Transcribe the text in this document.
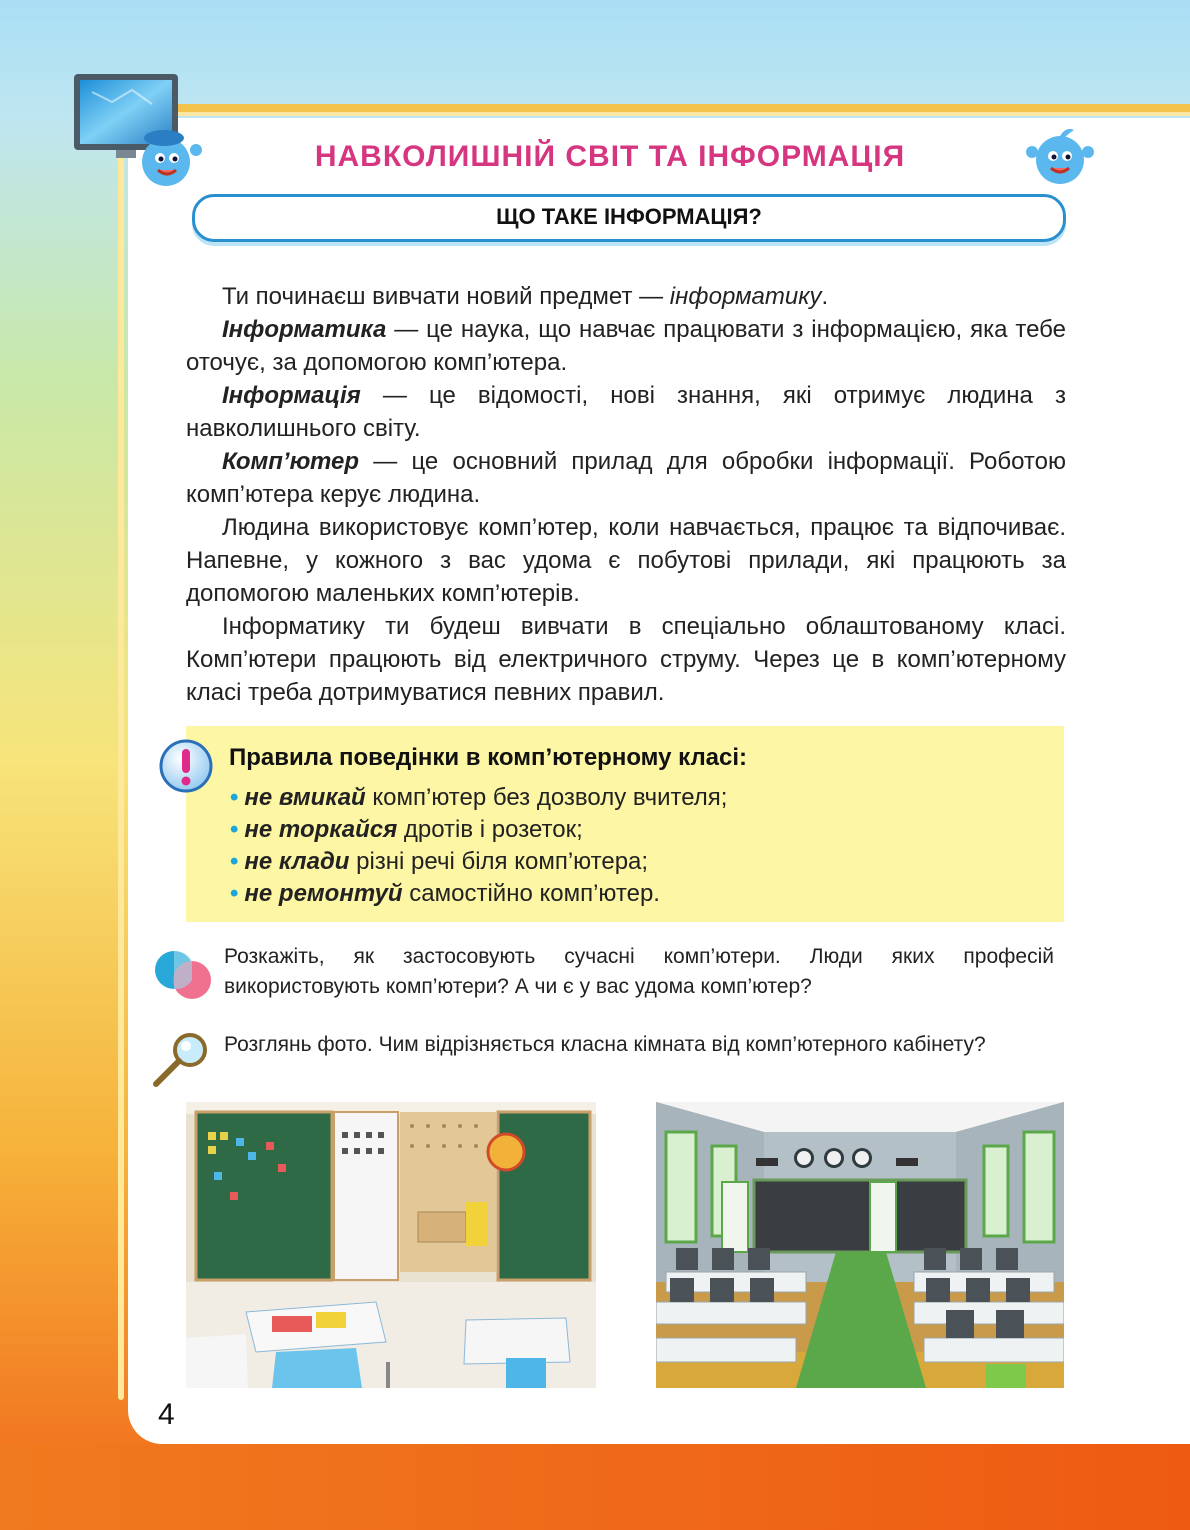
НАВКОЛИШНІЙ СВІТ ТА ІНФОРМАЦІЯ
ЩО ТАКЕ ІНФОРМАЦІЯ?

Ти починаєш вивчати новий предмет — інформатику.

Інформатика — це наука, що навчає працювати з інформацією, яка тебе оточує, за допомогою комп’ютера.

Інформація — це відомості, нові знання, які отримує людина з навколишнього світу.

Комп’ютер — це основний прилад для обробки інформації. Роботою комп’ютера керує людина.

Людина використовує комп’ютер, коли навчається, працює та відпочиває. Напевне, у кожного з вас удома є побутові прилади, які працюють за допомогою маленьких комп’ютерів.

Інформатику ти будеш вивчати в спеціально облаштованому класі. Комп’ютери працюють від електричного струму. Через це в комп’ютерному класі треба дотримуватися певних правил.

Правила поведінки в комп’ютерному класі:
• не вмикай комп’ютер без дозволу вчителя;
• не торкайся дротів і розеток;
• не клади різні речі біля комп’ютера;
• не ремонтуй самостійно комп’ютер.
Розкажіть, як застосовують сучасні комп’ютери. Люди яких професій використовують комп’ютери? А чи є у вас удома комп’ютер?
Розглянь фото. Чим відрізняється класна кімната від комп’ютерного кабінету?
4
